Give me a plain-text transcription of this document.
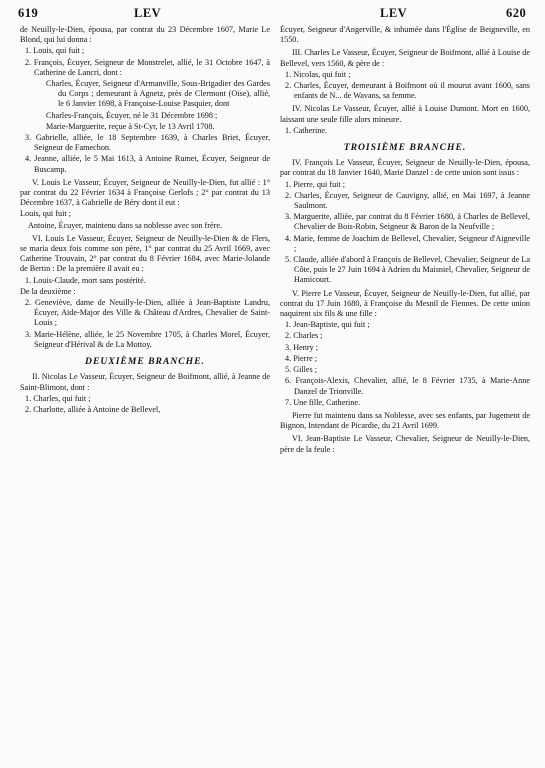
619	LEV	LEV	620

de Neuilly-le-Dien, épousa, par contrat du 23 Décembre 1607, Marie Le Blond, qui lui donna :

1. Louis, qui fuit ;

2. François, Écuyer, Seigneur de Monstrelet, allié, le 31 Octobre 1647, à Catherine de Lancri, dont :

Charles, Écuyer, Seigneur d'Armanville, Sous-Brigadier des Gardes du Corps ; demeurant à Agnetz, près de Clermont (Oise), allié, le 6 Janvier 1698, à Françoise-Louise Pasquier, dont

Charles-François, Écuyer, né le 31 Décembre 1698 ;

Marie-Marguerite, reçue à St-Cyr, le 13 Avril 1708.

3. Gabrielle, alliée, le 18 Septembre 1639, à Charles Briet, Écuyer, Seigneur de Famechon.

4. Jeanne, alliée, le 5 Mai 1613, à Antoine Rumet, Écuyer, Seigneur de Buscamp.

V. Louis Le Vasseur, Écuyer, Seigneur de Neuilly-le-Dien, fut allié : 1° par contrat du 22 Février 1634 à Françoise Gerlofs ; 2° par contrat du 13 Décembre 1637, à Gabrielle de Béry dont il eut :

Louis, qui fuit ;

Antoine, Écuyer, maintenu dans sa noblesse avec son frère.

VI. Louis Le Vasseur, Écuyer, Seigneur de Neuilly-le-Dien & de Flers, se maria deux fois comme son père, 1° par contrat du 25 Avril 1669, avec Catherine Trouvain, 2° par contrat du 8 Février 1684, avec Marie-Jolande de Bertin : De la première il avait eu :

1. Louis-Claude, mort sans postérité.

De la deuxième :

2. Geneviève, dame de Neuilly-le-Dien, alliée à Jean-Baptiste Landru, Écuyer, Aide-Major des Ville & Château d'Ardres, Chevalier de Saint-Louis ;

3. Marie-Hélène, alliée, le 25 Novembre 1705, à Charles Morel, Écuyer, Seigneur d'Hérival & de La Mottoy.

DEUXIÈME BRANCHE.

II. Nicolas Le Vasseur, Écuyer, Seigneur de Boifmont, allié, à Jeanne de Saint-Blimont, dont :

1. Charles, qui fuit ;

2. Charlotte, alliée à Antoine de Bellevel,

Écuyer, Seigneur d'Angerville, & inhumée dans l'Église de Beigneville, en 1550.

III. Charles Le Vasseur, Écuyer, Seigneur de Boifmont, allié à Louise de Bellevel, vers 1560, & père de :

1. Nicolas, qui fuit ;

2. Charles, Écuyer, demeurant à Boifmont où il mourut avant 1600, sans enfants de N... de Wavans, sa femme.

IV. Nicolas Le Vasseur, Écuyer, allié à Louise Dumont. Mort en 1600, laissant une seule fille alors mineure.

1. Catherine.

TROISIÈME BRANCHE.

IV. François Le Vasseur, Écuyer, Seigneur de Neuilly-le-Dien, épousa, par contrat du 18 Janvier 1640, Marie Danzel : de cette union sont issus :

1. Pierre, qui fuit ;

2. Charles, Écuyer, Seigneur de Cauvigny, allié, en Mai 1697, à Jeanne Saulmont.

3. Marguerite, alliée, par contrat du 8 Février 1680, à Charles de Bellevel, Chevalier de Bois-Robin, Seigneur & Baron de la Neufville ;

4. Marie, femme de Joachim de Bellevel, Chevalier, Seigneur d'Aigneville ;

5. Claude, alliée d'abord à François de Bellevel, Chevalier, Seigneur de La Côte, puis le 27 Juin 1694 à Adrien du Maisniel, Chevalier, Seigneur de Hamicourt.

V. Pierre Le Vasseur, Écuyer, Seigneur de Neuilly-le-Dien, fut allié, par contrat du 17 Juin 1680, à Françoise du Mesnil de Fiennes. De cette union naquirent six fils & une fille :

1. Jean-Baptiste, qui fuit ;

2. Charles ;

3. Henry ;

4. Pierre ;

5. Gilles ;

6. François-Alexis, Chevalier, allié, le 8 Février 1735, à Marie-Anne Danzel de Trionville.

7. Une fille, Catherine.

Pierre fut maintenu dans sa Noblesse, avec ses enfants, par Jugement de Bignon, Intendant de Picardie, du 21 Avril 1699.

VI. Jean-Baptiste Le Vasseur, Chevalier, Seigneur de Neuilly-le-Dien, père de la feule :
